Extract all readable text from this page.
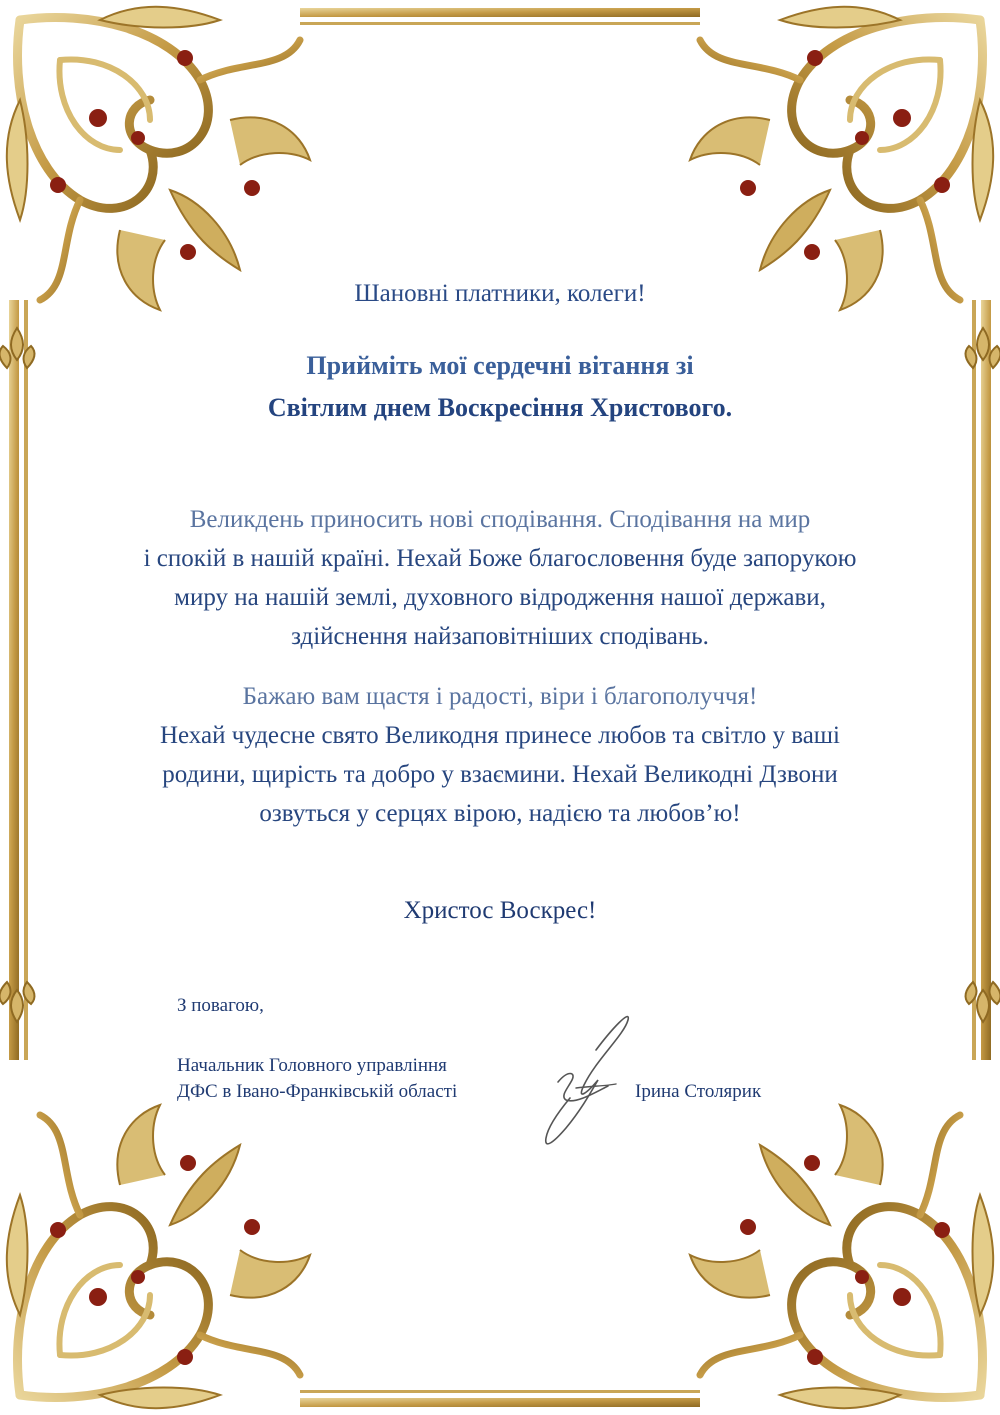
Шановні платники, колеги!
Прийміть мої сердечні вітання зі
Світлим днем Воскресіння Христового.
Великдень приносить нові сподівання. Сподівання на мир
і спокій в нашій країні. Нехай Боже благословення буде запорукою
миру на нашій землі, духовного відродження нашої держави,
здійснення найзаповітніших сподівань.
Бажаю вам щастя і радості, віри і благополуччя!
Нехай чудесне свято Великодня принесе любов та світло у ваші
родини, щирість та добро у взаємини. Нехай Великодні Дзвони
озвуться у серцях вірою, надією та любов’ю!
Христос Воскрес!
З повагою,
Начальник Головного управління
ДФС в Івано-Франківській області	Ірина Столярик
